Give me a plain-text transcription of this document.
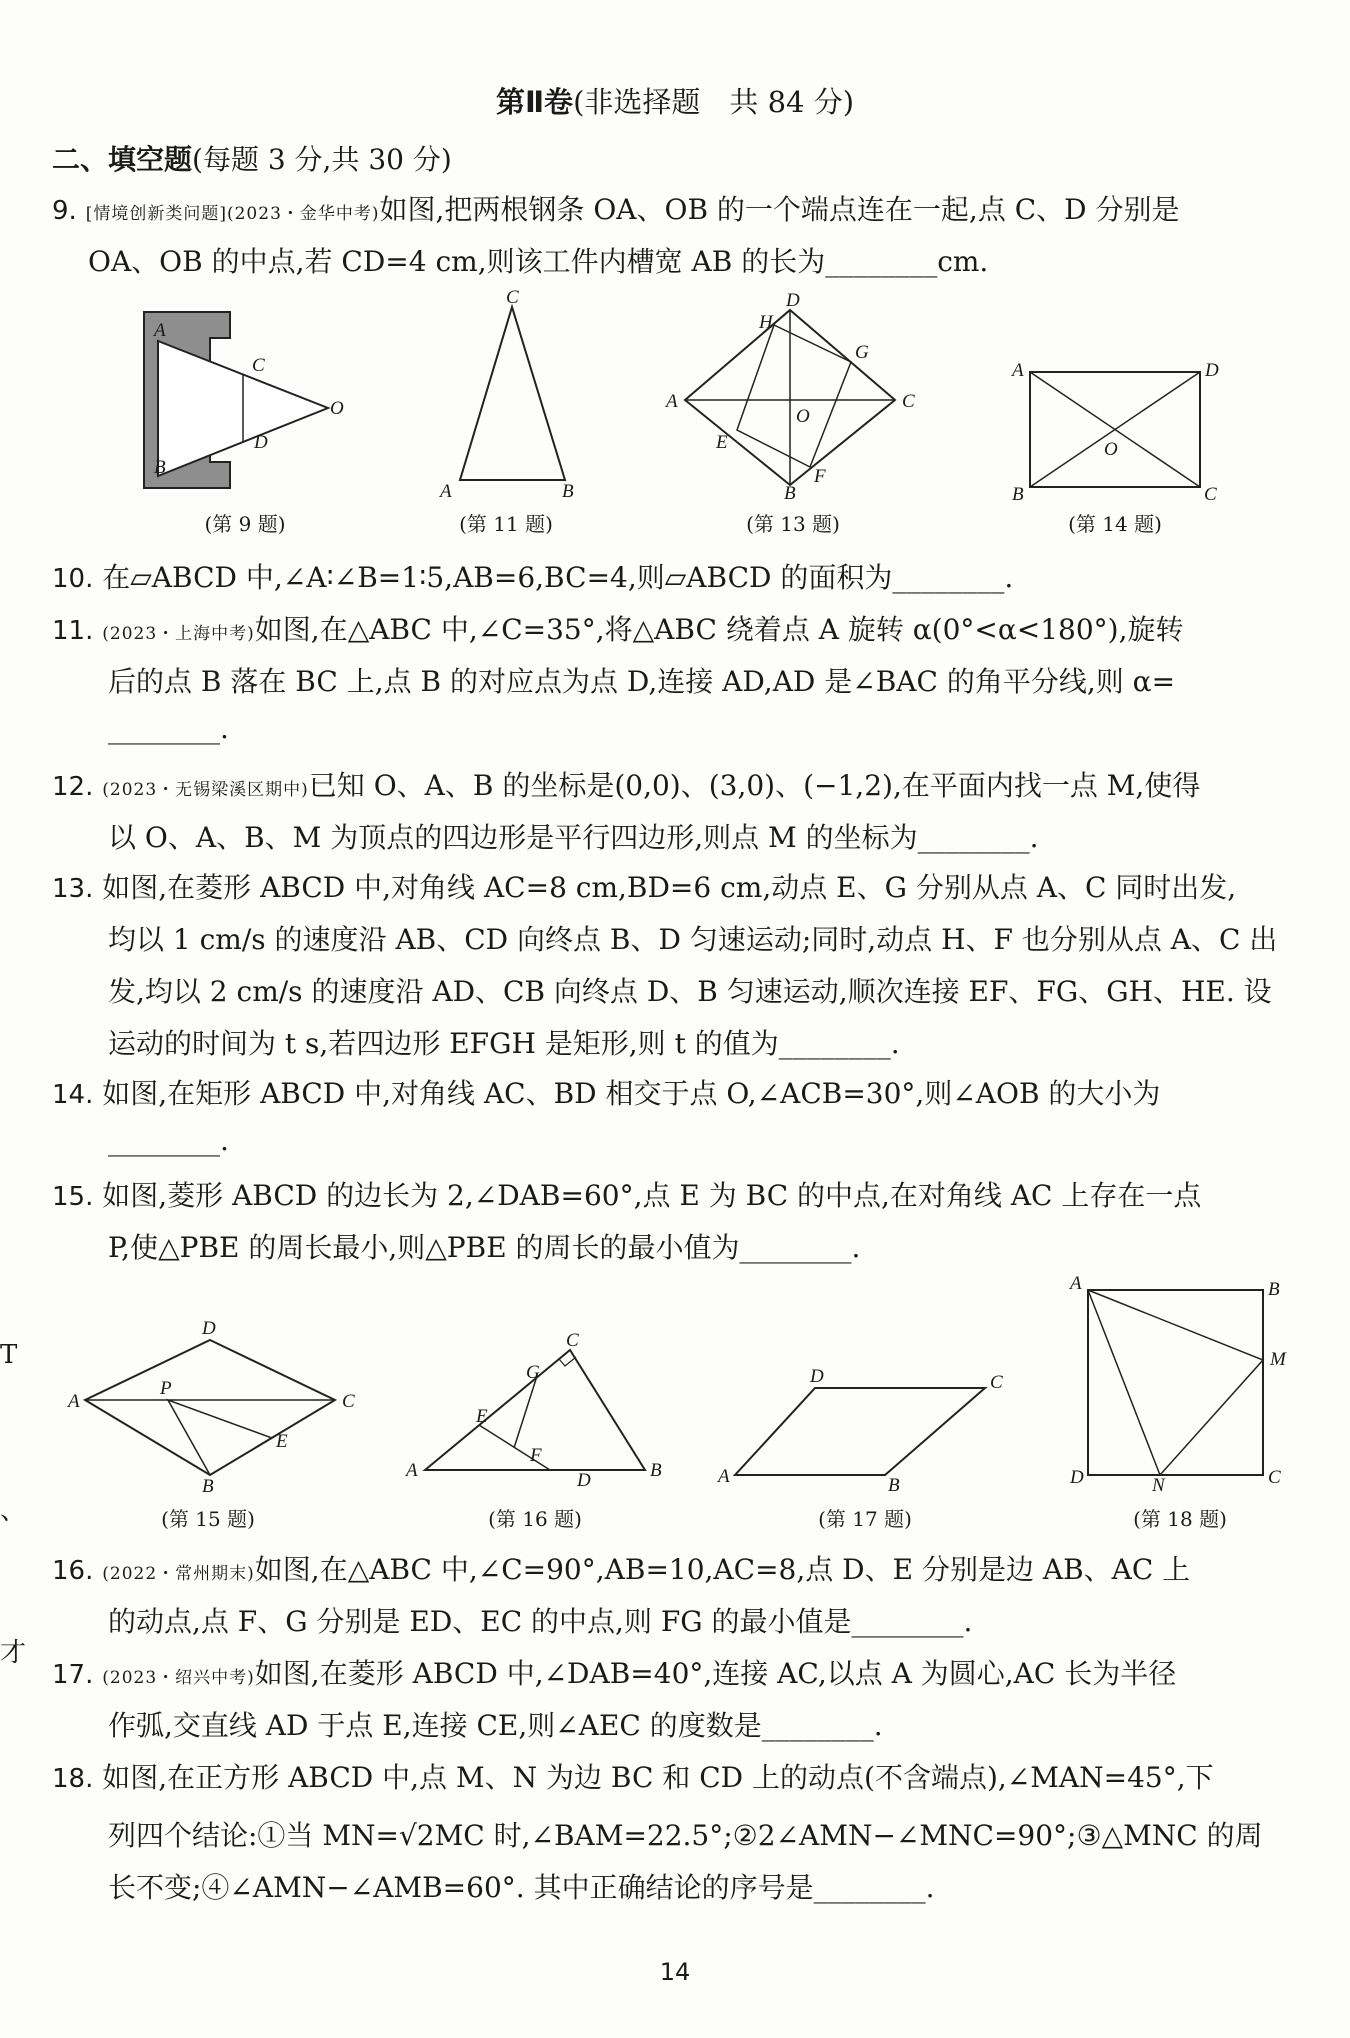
第Ⅱ卷(非选择题　共 84 分)
二、填空题(每题 3 分,共 30 分)
9. [情境创新类问题](2023・金华中考)如图,把两根钢条 OA、OB 的一个端点连在一起,点 C、D 分别是
OA、OB 的中点,若 CD=4 cm,则该工件内槽宽 AB 的长为________cm.
A
C
O
B
D
(第 9 题)
C
A	B
(第 11 题)
H
D
G
A	C
O
E
B
F
(第 13 题)
A	D
O
B	C
(第 14 题)
10. 在▱ABCD 中,∠A∶∠B=1∶5,AB=6,BC=4,则▱ABCD 的面积为________.
11. (2023・上海中考)如图,在△ABC 中,∠C=35°,将△ABC 绕着点 A 旋转 α(0°<α<180°),旋转
后的点 B 落在 BC 上,点 B 的对应点为点 D,连接 AD,AD 是∠BAC 的角平分线,则 α=
________.
12. (2023・无锡梁溪区期中)已知 O、A、B 的坐标是(0,0)、(3,0)、(−1,2),在平面内找一点 M,使得
以 O、A、B、M 为顶点的四边形是平行四边形,则点 M 的坐标为________.
13. 如图,在菱形 ABCD 中,对角线 AC=8 cm,BD=6 cm,动点 E、G 分别从点 A、C 同时出发,
均以 1 cm/s 的速度沿 AB、CD 向终点 B、D 匀速运动;同时,动点 H、F 也分别从点 A、C 出
发,均以 2 cm/s 的速度沿 AD、CB 向终点 D、B 匀速运动,顺次连接 EF、FG、GH、HE. 设
运动的时间为 t s,若四边形 EFGH 是矩形,则 t 的值为________.
14. 如图,在矩形 ABCD 中,对角线 AC、BD 相交于点 O,∠ACB=30°,则∠AOB 的大小为
________.
15. 如图,菱形 ABCD 的边长为 2,∠DAB=60°,点 E 为 BC 的中点,在对角线 AC 上存在一点
P,使△PBE 的周长最小,则△PBE 的周长的最小值为________.
D
A
P
C
E
B
(第 15 题)
G
C
E
F
A	D	B
(第 16 题)
D	C
A	B
(第 17 题)
A	B
M
D	N	C
(第 18 题)
16. (2022・常州期末)如图,在△ABC 中,∠C=90°,AB=10,AC=8,点 D、E 分别是边 AB、AC 上
的动点,点 F、G 分别是 ED、EC 的中点,则 FG 的最小值是________.
17. (2023・绍兴中考)如图,在菱形 ABCD 中,∠DAB=40°,连接 AC,以点 A 为圆心,AC 长为半径
作弧,交直线 AD 于点 E,连接 CE,则∠AEC 的度数是________.
18. 如图,在正方形 ABCD 中,点 M、N 为边 BC 和 CD 上的动点(不含端点),∠MAN=45°,下
列四个结论:①当 MN=√2MC 时,∠BAM=22.5°;②2∠AMN−∠MNC=90°;③△MNC 的周
长不变;④∠AMN−∠AMB=60°. 其中正确结论的序号是________.
T
、
才
14
